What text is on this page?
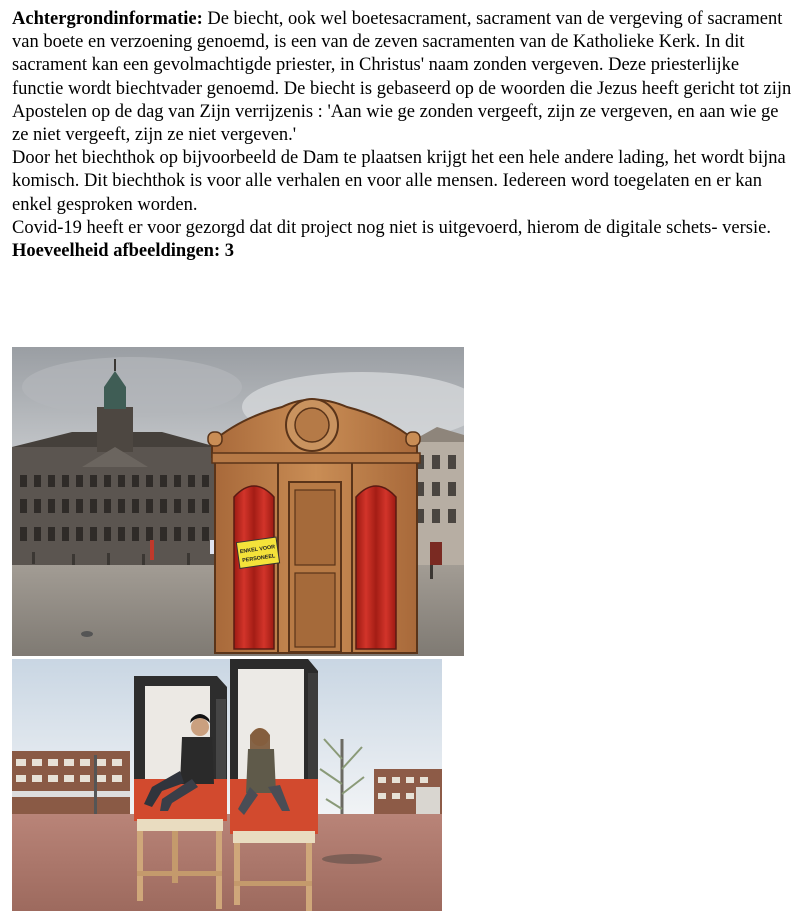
Achtergrondinformatie: De biecht, ook wel boetesacrament, sacrament van de vergeving of sacrament van boete en verzoening genoemd, is een van de zeven sacramenten van de Katholieke Kerk. In dit sacrament kan een gevolmachtigde priester, in Christus' naam zonden vergeven. Deze priesterlijke functie wordt biechtvader genoemd. De biecht is gebaseerd op de woorden die Jezus heeft gericht tot zijn Apostelen op de dag van Zijn verrijzenis : 'Aan wie ge zonden vergeeft, zijn ze vergeven, en aan wie ge ze niet vergeeft, zijn ze niet vergeven.'

Door het biechthok op bijvoorbeeld de Dam te plaatsen krijgt het een hele andere lading, het wordt bijna komisch. Dit biechthok is voor alle verhalen en voor alle mensen. Iedereen word toegelaten en er kan enkel gesproken worden.

Covid-19 heeft er voor gezorgd dat dit project nog niet is uitgevoerd, hierom de digitale schets- versie.

Hoeveelheid afbeeldingen: 3

ENKEL VOOR
PERSONEEL
